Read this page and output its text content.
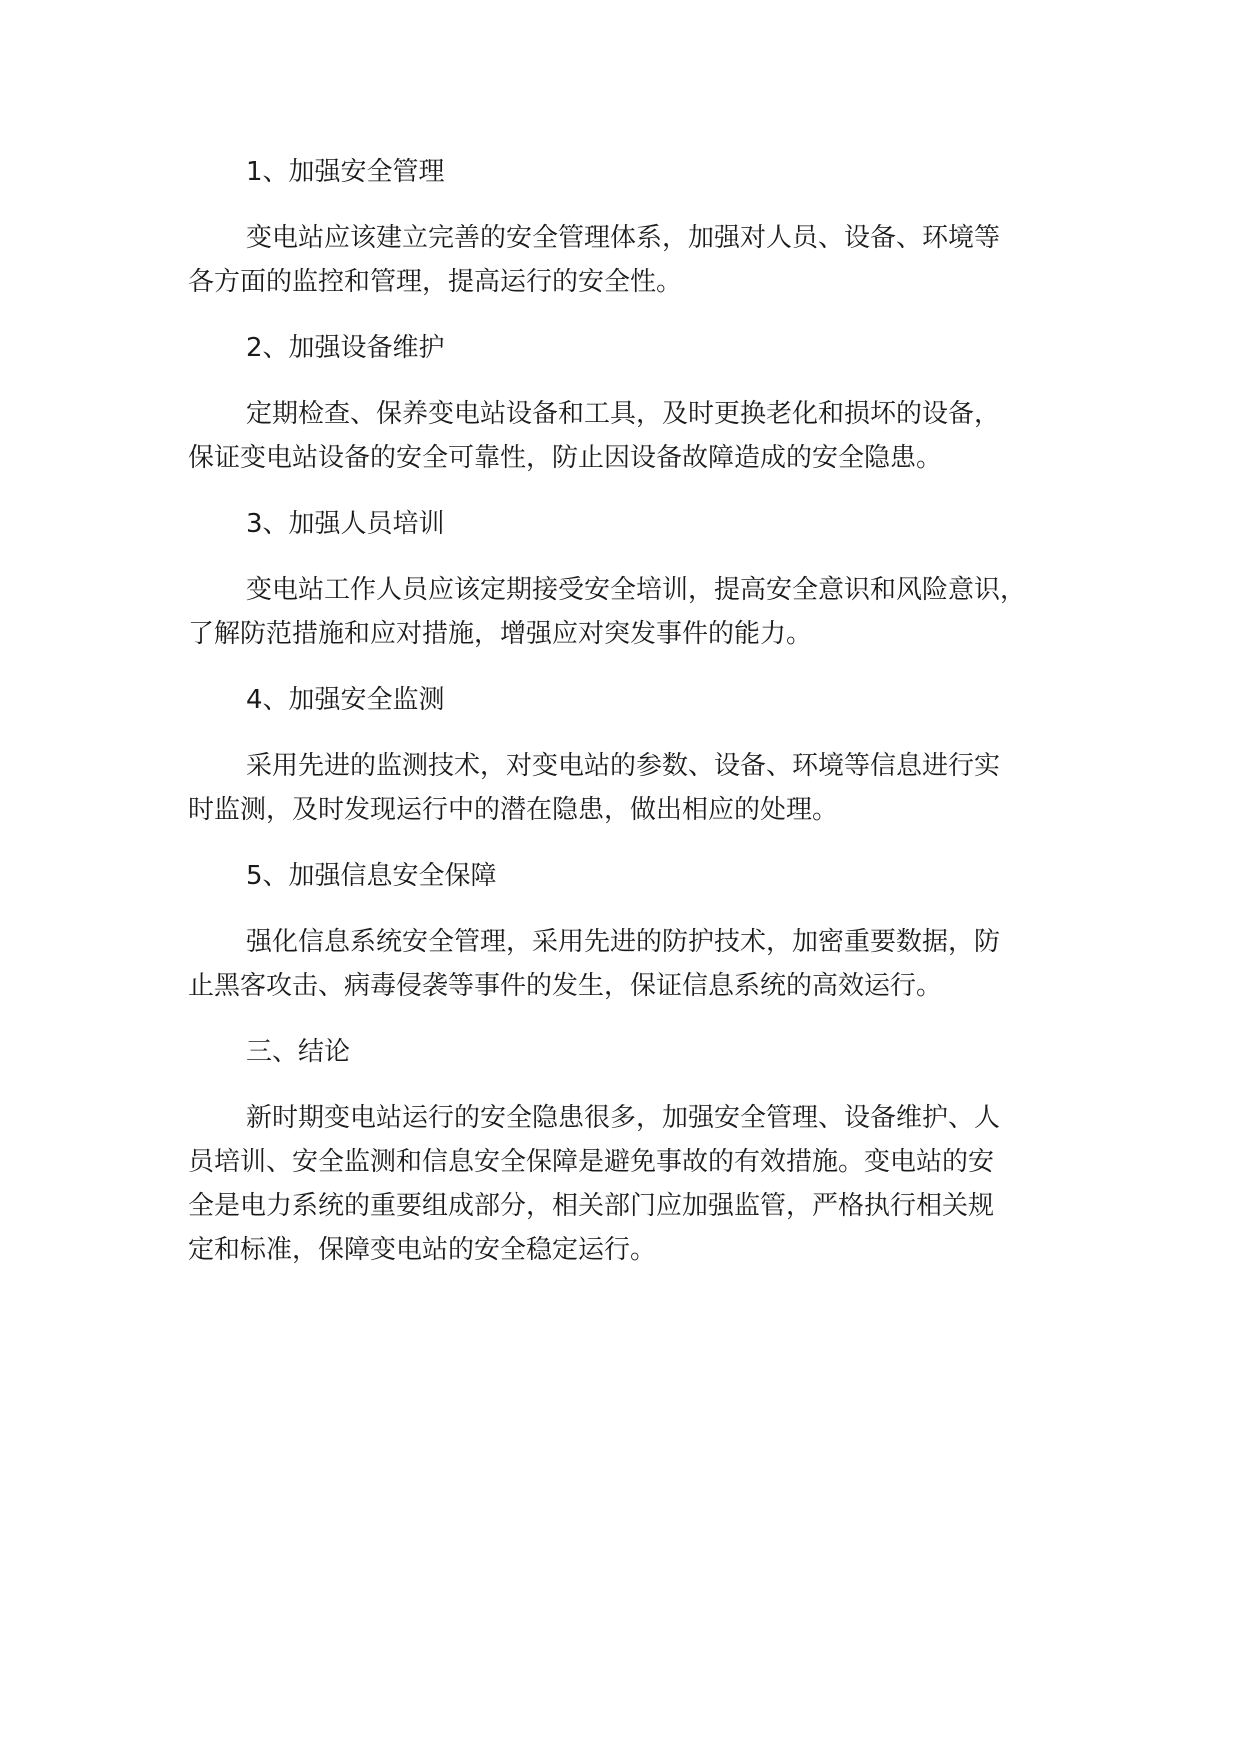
1、加强安全管理
变电站应该建立完善的安全管理体系，加强对人员、设备、环境等
各方面的监控和管理，提高运行的安全性。
2、加强设备维护
定期检查、保养变电站设备和工具，及时更换老化和损坏的设备，
保证变电站设备的安全可靠性，防止因设备故障造成的安全隐患。
3、加强人员培训
变电站工作人员应该定期接受安全培训，提高安全意识和风险意识，
了解防范措施和应对措施，增强应对突发事件的能力。
4、加强安全监测
采用先进的监测技术，对变电站的参数、设备、环境等信息进行实
时监测，及时发现运行中的潜在隐患，做出相应的处理。
5、加强信息安全保障
强化信息系统安全管理，采用先进的防护技术，加密重要数据，防
止黑客攻击、病毒侵袭等事件的发生，保证信息系统的高效运行。
三、结论
新时期变电站运行的安全隐患很多，加强安全管理、设备维护、人
员培训、安全监测和信息安全保障是避免事故的有效措施。变电站的安
全是电力系统的重要组成部分，相关部门应加强监管，严格执行相关规
定和标准，保障变电站的安全稳定运行。
